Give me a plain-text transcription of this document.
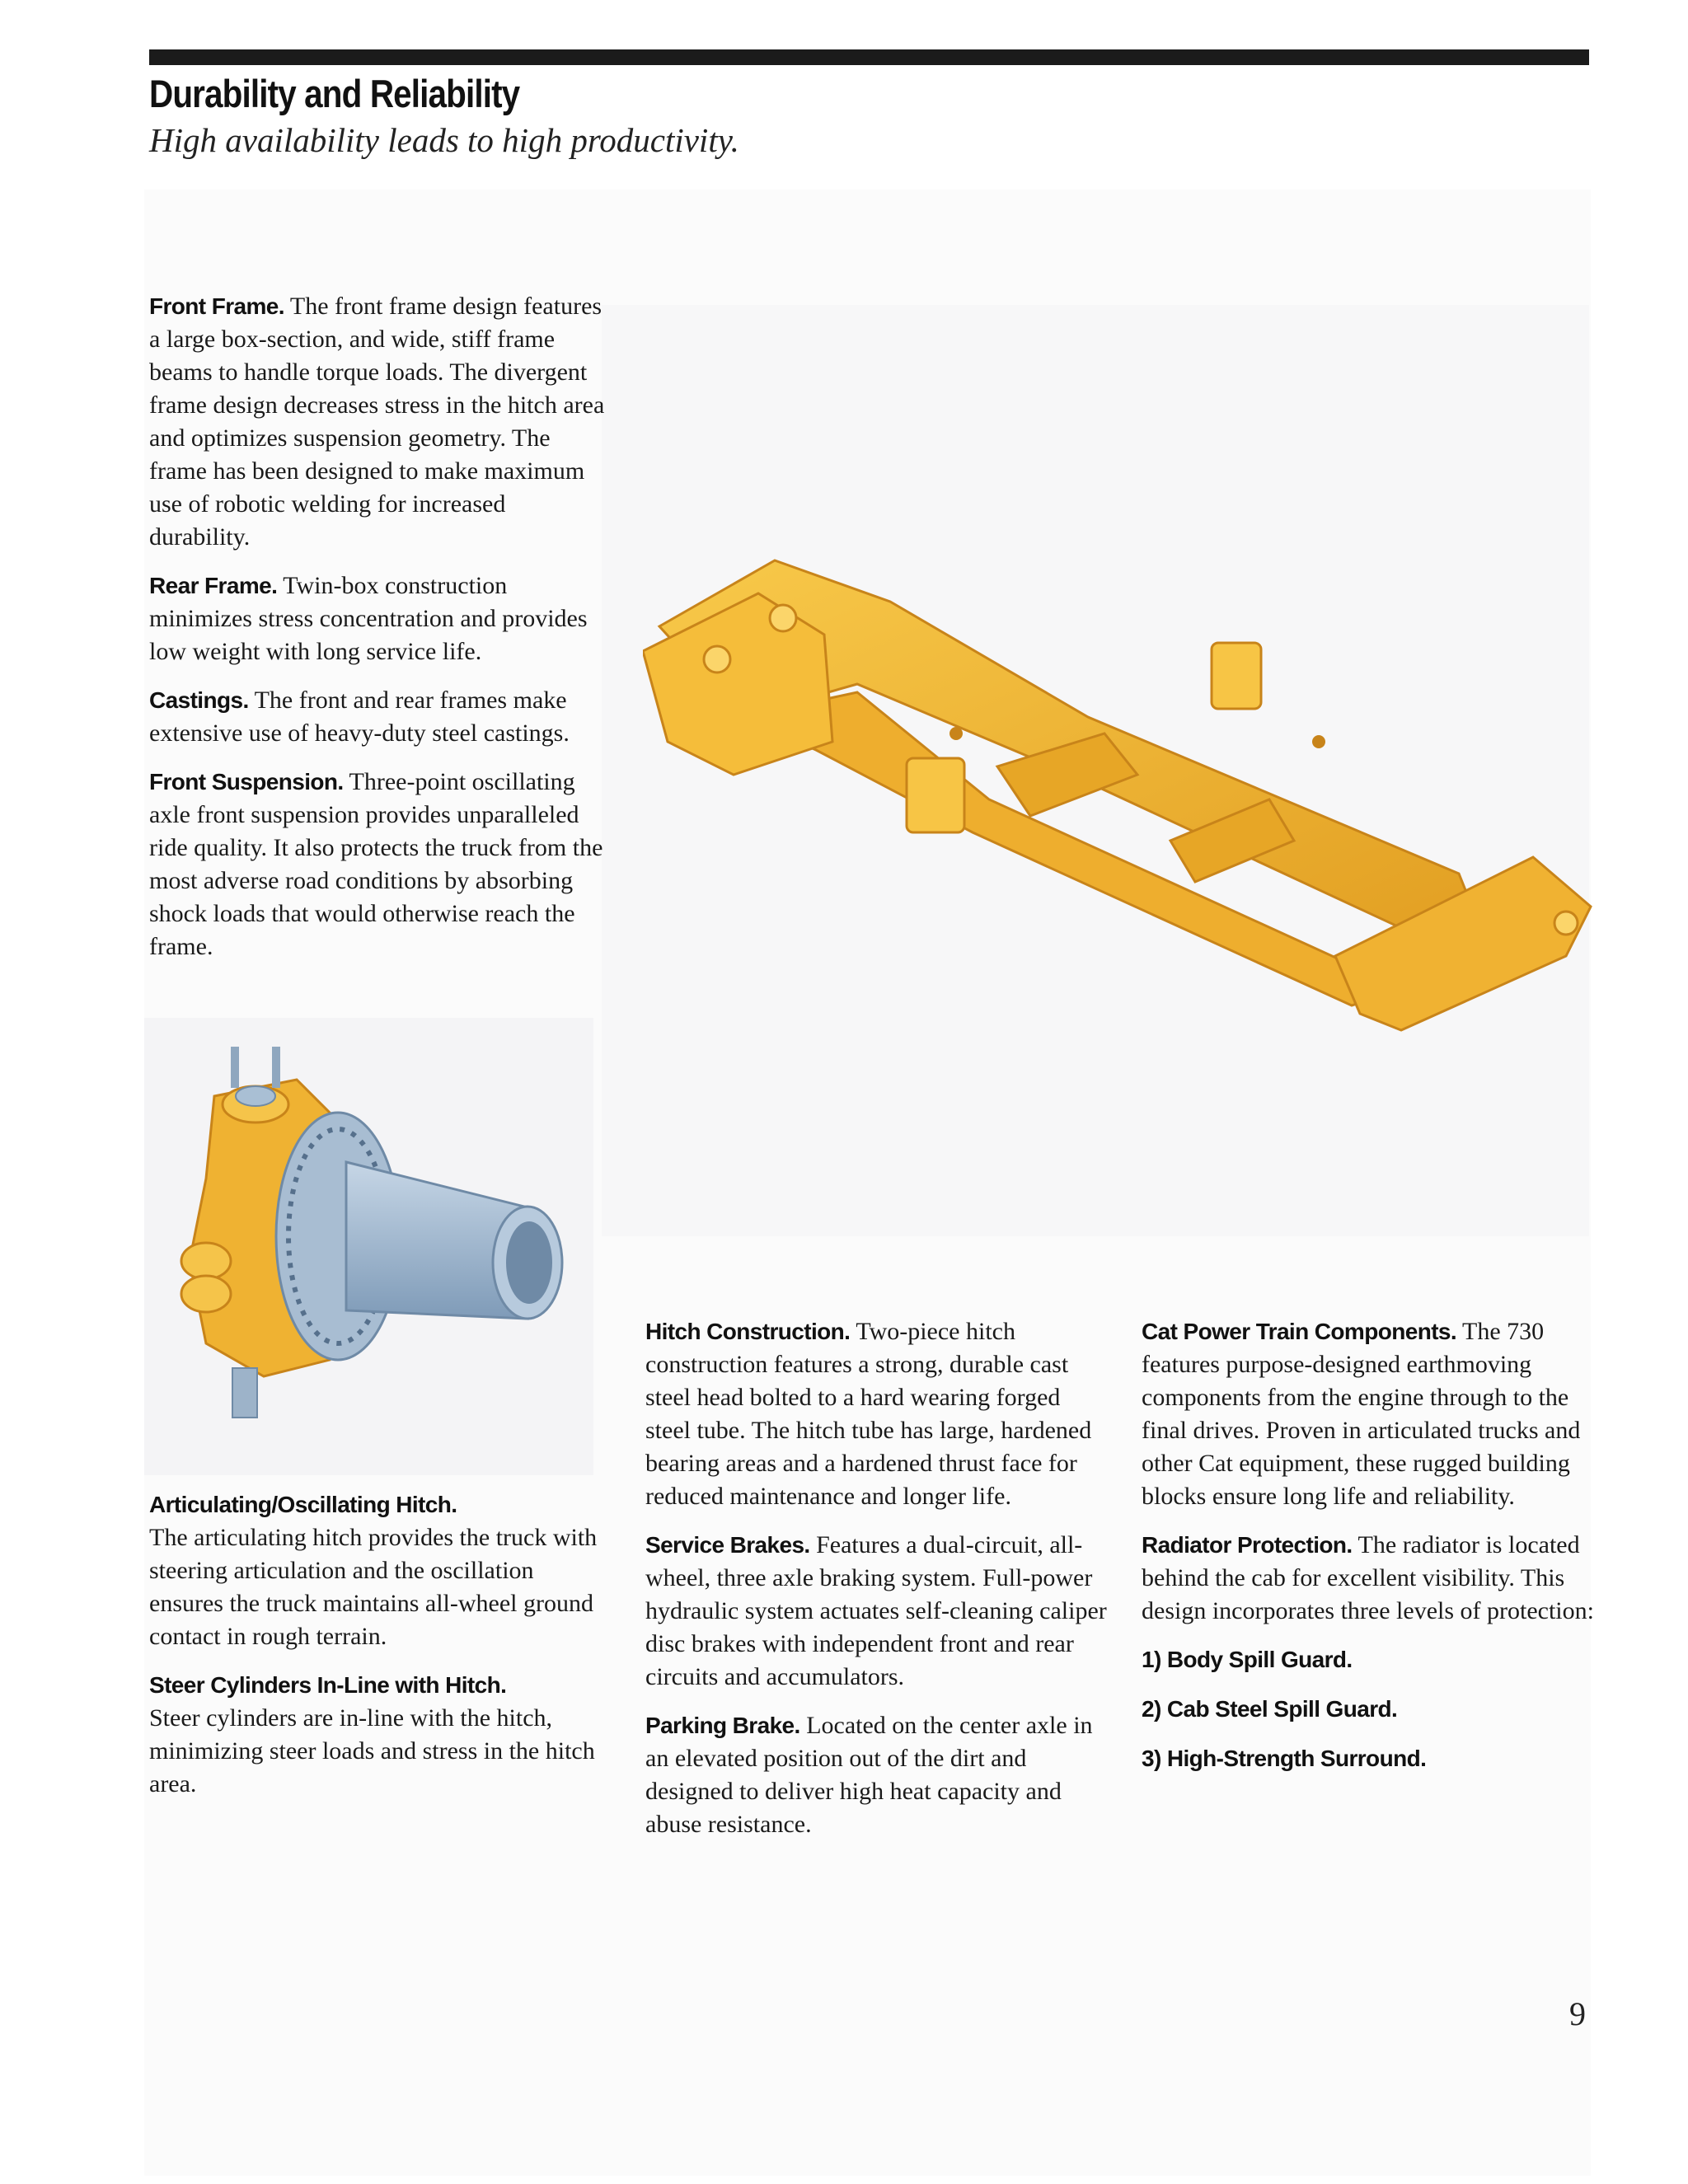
Durability and Reliability
High availability leads to high productivity.

Front Frame. The front frame design features a large box-section, and wide, stiff frame beams to handle torque loads. The divergent frame design decreases stress in the hitch area and optimizes suspension geometry. The frame has been designed to make maximum use of robotic welding for increased durability.

Rear Frame. Twin-box construction minimizes stress concentration and provides low weight with long service life.

Castings. The front and rear frames make extensive use of heavy-duty steel castings.

Front Suspension. Three-point oscillating axle front suspension provides unparalleled ride quality. It also protects the truck from the most adverse road conditions by absorbing shock loads that would otherwise reach the frame.

Articulating/Oscillating Hitch.
The articulating hitch provides the truck with steering articulation and the oscillation ensures the truck maintains all-wheel ground contact in rough terrain.

Steer Cylinders In-Line with Hitch.
Steer cylinders are in-line with the hitch, minimizing steer loads and stress in the hitch area.

Hitch Construction. Two-piece hitch construction features a strong, durable cast steel head bolted to a hard wearing forged steel tube. The hitch tube has large, hardened bearing areas and a hardened thrust face for reduced maintenance and longer life.

Service Brakes. Features a dual-circuit, all-wheel, three axle braking system. Full-power hydraulic system actuates self-cleaning caliper disc brakes with independent front and rear circuits and accumulators.

Parking Brake. Located on the center axle in an elevated position out of the dirt and designed to deliver high heat capacity and abuse resistance.

Cat Power Train Components. The 730 features purpose-designed earthmoving components from the engine through to the final drives. Proven in articulated trucks and other Cat equipment, these rugged building blocks ensure long life and reliability.

Radiator Protection. The radiator is located behind the cab for excellent visibility. This design incorporates three levels of protection:

1) Body Spill Guard.
2) Cab Steel Spill Guard.
3) High-Strength Surround.
9
